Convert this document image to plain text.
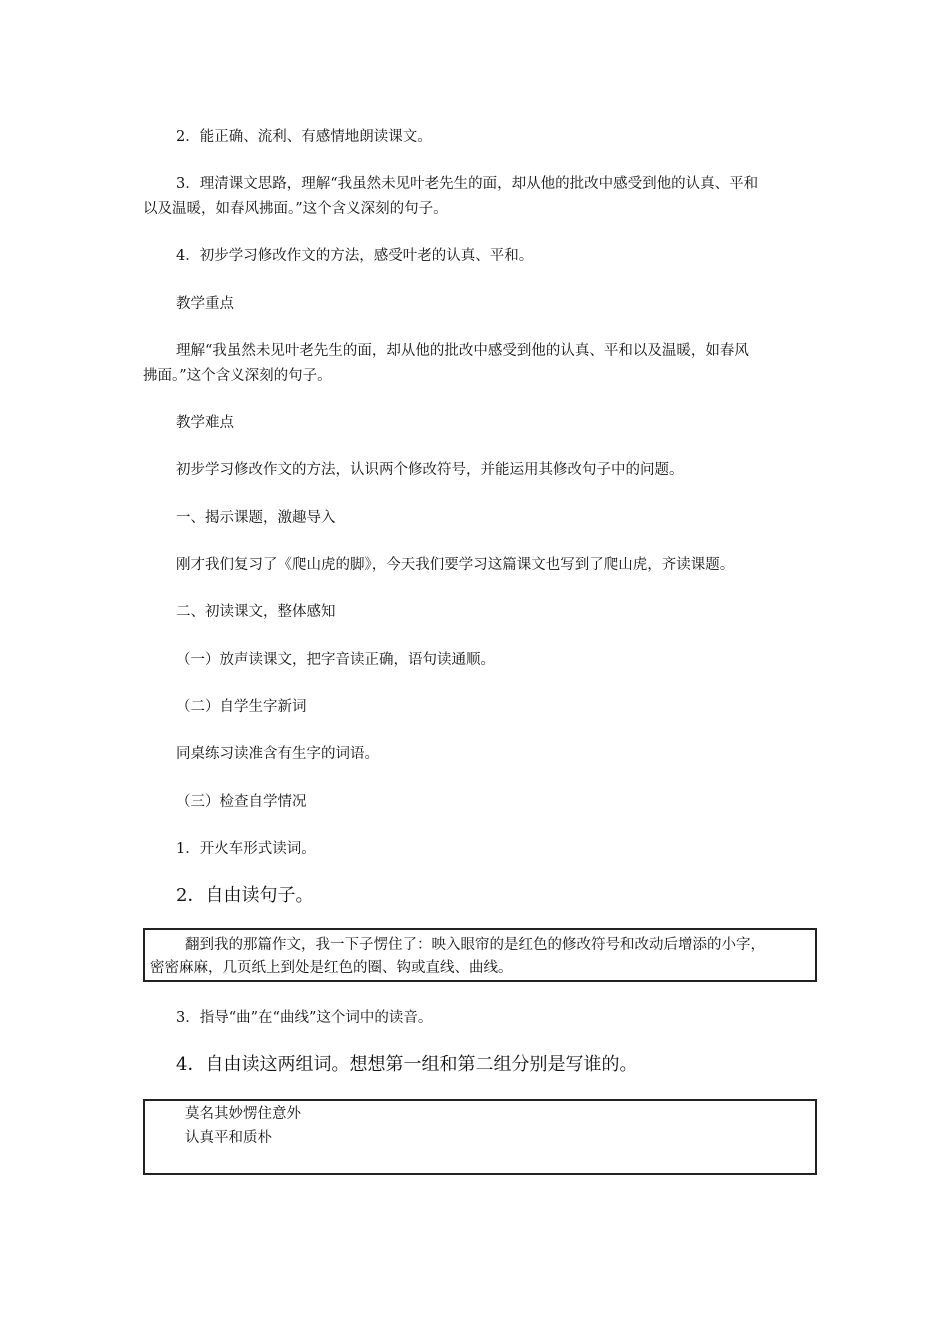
2．能正确、流利、有感情地朗读课文。
3．理清课文思路，理解“我虽然未见叶老先生的面，却从他的批改中感受到他的认真、平和
以及温暖，如春风拂面。”这个含义深刻的句子。
4．初步学习修改作文的方法，感受叶老的认真、平和。
教学重点
理解“我虽然未见叶老先生的面，却从他的批改中感受到他的认真、平和以及温暖，如春风
拂面。”这个含义深刻的句子。
教学难点
初步学习修改作文的方法，认识两个修改符号，并能运用其修改句子中的问题。
一、揭示课题，激趣导入
刚才我们复习了《爬山虎的脚》，今天我们要学习这篇课文也写到了爬山虎，齐读课题。
二、初读课文，整体感知
（一）放声读课文，把字音读正确，语句读通顺。
（二）自学生字新词
同桌练习读准含有生字的词语。
（三）检查自学情况
1．开火车形式读词。
2．自由读句子。
翻到我的那篇作文，我一下子愣住了：映入眼帘的是红色的修改符号和改动后增添的小字，
密密麻麻，几页纸上到处是红色的圈、钩或直线、曲线。
3．指导“曲”在“曲线”这个词中的读音。
4．自由读这两组词。想想第一组和第二组分别是写谁的。
莫名其妙愣住意外
认真平和质朴
